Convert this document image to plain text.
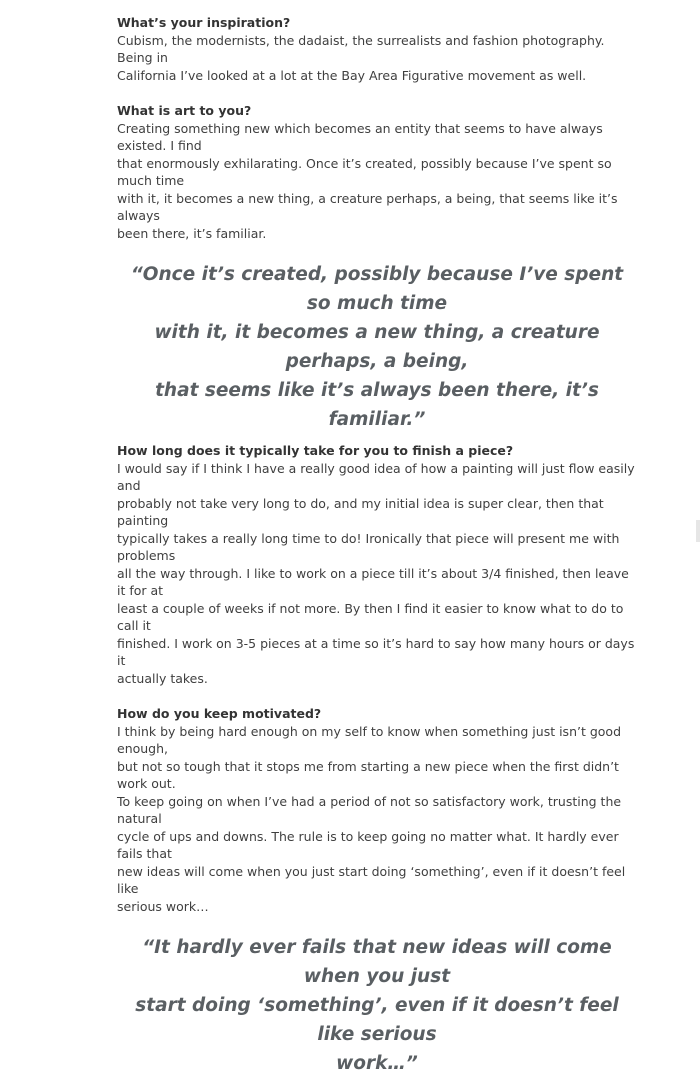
What’s your inspiration?

Cubism, the modernists, the dadaist, the surrealists and fashion photography. Being in
California I’ve looked at a lot at the Bay Area Figurative movement as well.

What is art to you?

Creating something new which becomes an entity that seems to have always existed. I find
that enormously exhilarating. Once it’s created, possibly because I’ve spent so much time
with it, it becomes a new thing, a creature perhaps, a being, that seems like it’s always
been there, it’s familiar.

“Once it’s created, possibly because I’ve spent so much time
with it, it becomes a new thing, a creature perhaps, a being,
that seems like it’s always been there, it’s familiar.”

How long does it typically take for you to finish a piece?

I would say if I think I have a really good idea of how a painting will just flow easily and
probably not take very long to do, and my initial idea is super clear, then that painting
typically takes a really long time to do! Ironically that piece will present me with problems
all the way through. I like to work on a piece till it’s about 3/4 finished, then leave it for at
least a couple of weeks if not more. By then I find it easier to know what to do to call it
finished. I work on 3-5 pieces at a time so it’s hard to say how many hours or days it
actually takes.

How do you keep motivated?

I think by being hard enough on my self to know when something just isn’t good enough,
but not so tough that it stops me from starting a new piece when the first didn’t work out.
To keep going on when I’ve had a period of not so satisfactory work, trusting the natural
cycle of ups and downs. The rule is to keep going no matter what. It hardly ever fails that
new ideas will come when you just start doing ‘something’, even if it doesn’t feel like
serious work…

“It hardly ever fails that new ideas will come when you just
start doing ‘something’, even if it doesn’t feel like serious
work…”
